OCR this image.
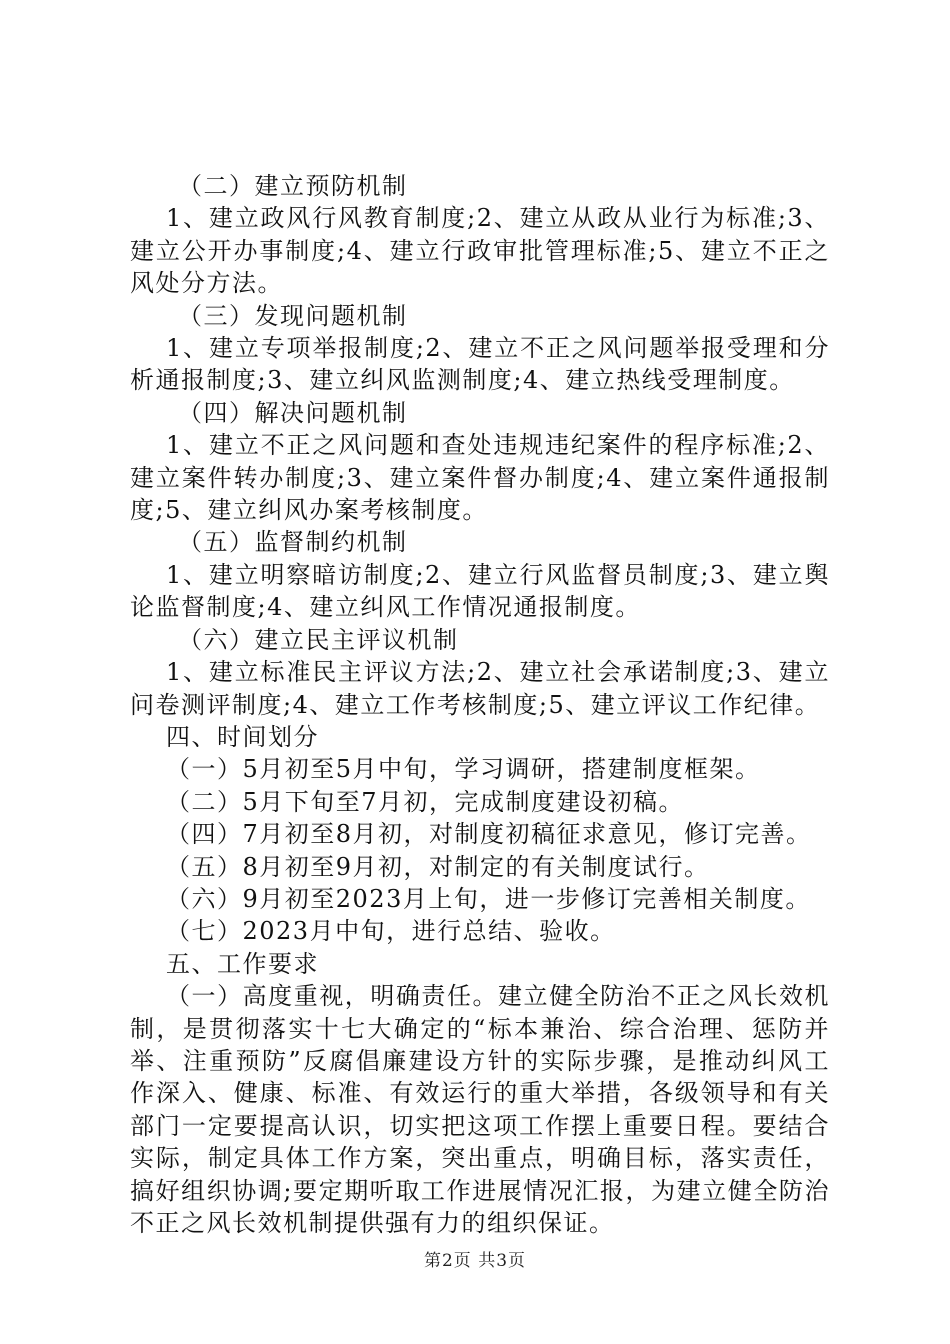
（二）建立预防机制

1、建立政风行风教育制度;2、建立从政从业行为标准;3、建立公开办事制度;4、建立行政审批管理标准;5、建立不正之风处分方法。

（三）发现问题机制

1、建立专项举报制度;2、建立不正之风问题举报受理和分析通报制度;3、建立纠风监测制度;4、建立热线受理制度。

（四）解决问题机制

1、建立不正之风问题和查处违规违纪案件的程序标准;2、建立案件转办制度;3、建立案件督办制度;4、建立案件通报制度;5、建立纠风办案考核制度。

（五）监督制约机制

1、建立明察暗访制度;2、建立行风监督员制度;3、建立舆论监督制度;4、建立纠风工作情况通报制度。

（六）建立民主评议机制

1、建立标准民主评议方法;2、建立社会承诺制度;3、建立问卷测评制度;4、建立工作考核制度;5、建立评议工作纪律。

四、时间划分

（一）5月初至5月中旬，学习调研，搭建制度框架。

（二）5月下旬至7月初，完成制度建设初稿。

（四）7月初至8月初，对制度初稿征求意见，修订完善。

（五）8月初至9月初，对制定的有关制度试行。

（六）9月初至2023月上旬，进一步修订完善相关制度。

（七）2023月中旬，进行总结、验收。

五、工作要求

（一）高度重视，明确责任。建立健全防治不正之风长效机制，是贯彻落实十七大确定的“标本兼治、综合治理、惩防并举、注重预防”反腐倡廉建设方针的实际步骤，是推动纠风工作深入、健康、标准、有效运行的重大举措，各级领导和有关部门一定要提高认识，切实把这项工作摆上重要日程。要结合实际，制定具体工作方案，突出重点，明确目标，落实责任，搞好组织协调;要定期听取工作进展情况汇报，为建立健全防治不正之风长效机制提供强有力的组织保证。

第2页 共3页
